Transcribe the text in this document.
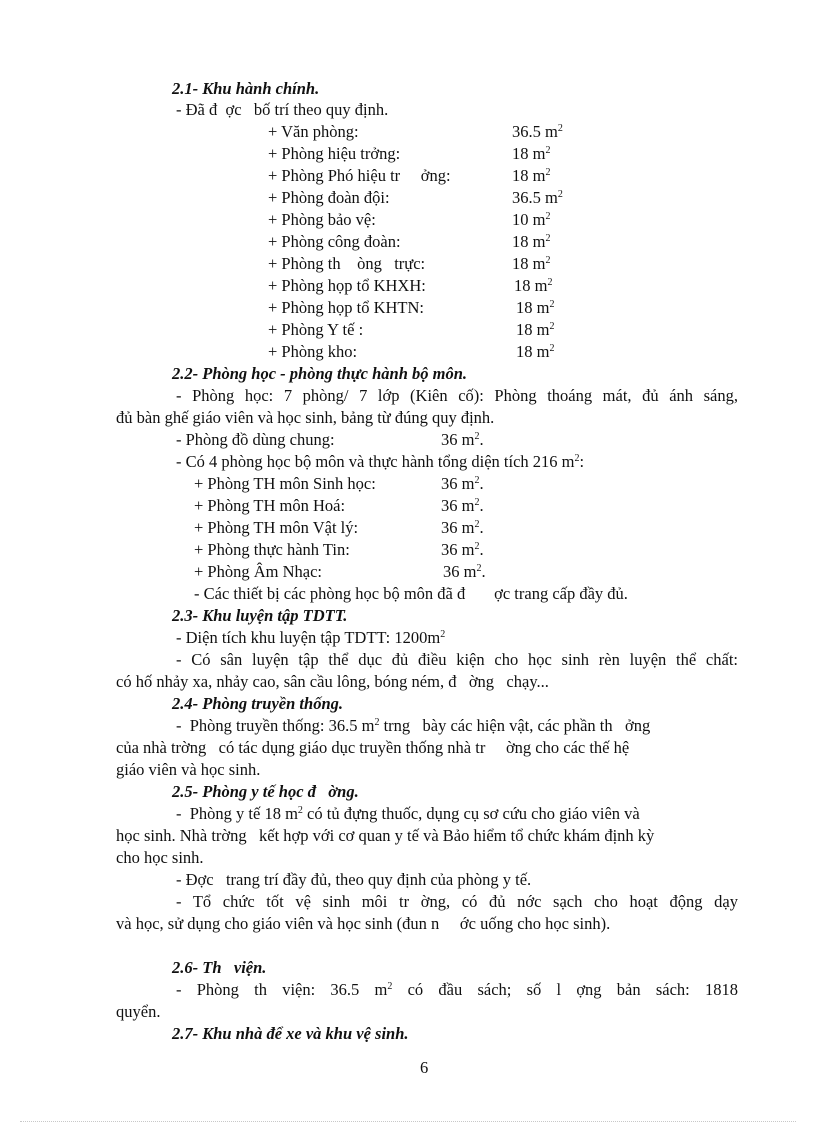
2.1- Khu hành chính.
- Đã đ  ợc   bố trí theo quy định.
+ Văn phòng:	36.5 $m^2$
+ Phòng hiệu trởng:	18 $m^2$
+ Phòng Phó hiệu tr     ởng:	18 $m^2$
+ Phòng đoàn đội:	36.5 $m^2$
+ Phòng bảo vệ:	10 $m^2$
+ Phòng công đoàn:	18 $m^2$
+ Phòng th    òng   trực:	18 $m^2$
+ Phòng họp tổ KHXH:	18 $m^2$
+ Phòng họp tổ KHTN:	18 $m^2$
+ Phòng Y tế :	18 $m^2$
+ Phòng kho:	18 $m^2$
2.2- Phòng học - phòng thực hành bộ môn.
- Phòng học: 7 phòng/ 7 lớp (Kiên cố): Phòng thoáng mát, đủ ánh sáng,
đủ bàn ghế giáo viên và học sinh, bảng từ đúng quy định.
- Phòng đồ dùng chung:	36 $m^2$.
- Có 4 phòng học bộ môn và thực hành tổng diện tích 216 $m^2$:
+ Phòng TH môn Sinh học:	36 $m^2$.
+ Phòng TH môn Hoá:	36 $m^2$.
+ Phòng TH môn Vật lý:	36 $m^2$.
+ Phòng thực hành Tin:	36 $m^2$.
+ Phòng Âm Nhạc:	36 $m^2$.
- Các thiết bị các phòng học bộ môn đã đ       ợc trang cấp đầy đủ.
2.3- Khu luyện tập TDTT.
- Diện tích khu luyện tập TDTT: $1200m^2$
- Có sân luyện tập thể dục đủ điều kiện cho học sinh rèn luyện thể chất:
có hố nhảy xa, nhảy cao, sân cầu lông, bóng ném, đ   ờng   chạy...
2.4- Phòng truyền thống.
-  Phòng truyền thống: 36.5 $m^2$ trng   bày các hiện vật, các phần th   ởng
của nhà trờng   có tác dụng giáo dục truyền thống nhà tr     ờng cho các thế hệ
giáo viên và học sinh.
2.5- Phòng y tế học đ   ờng.
-  Phòng y tế 18 $m^2$ có tủ đựng thuốc, dụng cụ sơ cứu cho giáo viên và
học sinh. Nhà trờng   kết hợp với cơ quan y tế và Bảo hiểm tổ chức khám định kỳ
cho học sinh.
- Đợc   trang trí đầy đủ, theo quy định của phòng y tế.
- Tổ chức tốt vệ sinh môi tr ờng, có đủ nớc sạch cho hoạt động dạy
và học, sử dụng cho giáo viên và học sinh (đun n     ớc uống cho học sinh).
2.6- Th   viện.
- Phòng th viện: 36.5 $m^2$ có đầu sách; số l ợng bản sách: 1818
quyển.
2.7- Khu nhà để xe và khu vệ sinh.
6
